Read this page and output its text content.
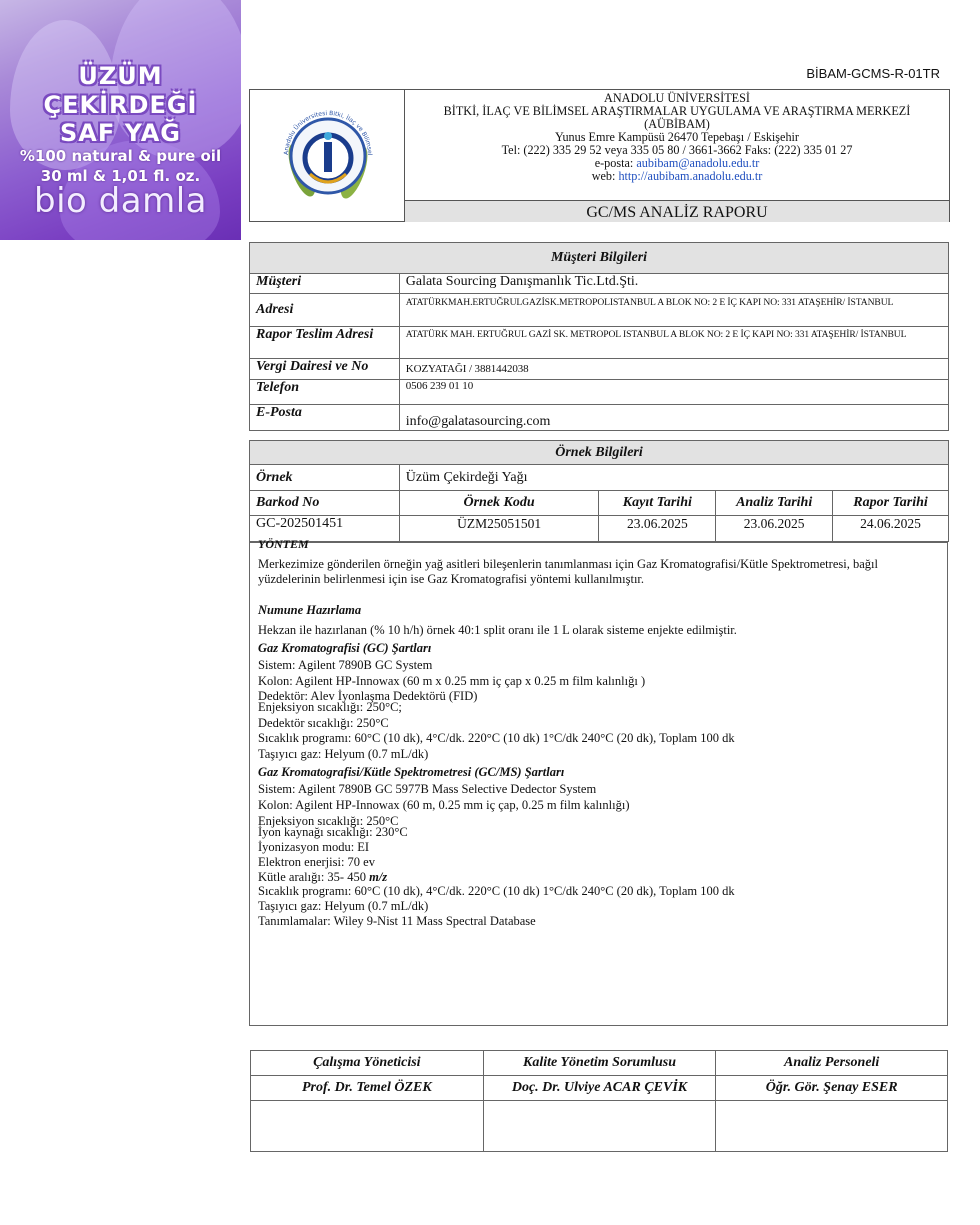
ÜZÜM
ÇEKİRDEĞİ
SAF YAĞ
%100 natural & pure oil
30 ml & 1,01 fl. oz.
bio damla
BİBAM-GCMS-R-01TR
Anadolu Üniversitesi Bitki, İlaç ve Bilimsel
ANADOLU ÜNİVERSİTESİ
BİTKİ, İLAÇ VE BİLİMSEL ARAŞTIRMALAR UYGULAMA VE ARAŞTIRMA MERKEZİ
(AÜBİBAM)
Yunus Emre Kampüsü 26470 Tepebaşı / Eskişehir
Tel: (222) 335 29 52 veya 335 05 80 / 3661-3662 Faks: (222) 335 01 27
e-posta: aubibam@anadolu.edu.tr
web: http://aubibam.anadolu.edu.tr
GC/MS ANALİZ RAPORU
Müşteri Bilgileri	
Müşteri	Galata Sourcing Danışmanlık Tic.Ltd.Şti.
Adresi	ATATÜRKMAH.ERTUĞRULGAZİSK.METROPOLISTANBUL A BLOK NO: 2 E İÇ KAPI NO: 331 ATAŞEHİR/ İSTANBUL
Rapor Teslim Adresi	ATATÜRK MAH. ERTUĞRUL GAZİ SK. METROPOL ISTANBUL A BLOK NO: 2 E İÇ KAPI NO: 331 ATAŞEHİR/ İSTANBUL
Vergi Dairesi ve No	KOZYATAĞI / 3881442038
Telefon	0506 239 01 10
E-Posta	info@galatasourcing.com
Örnek Bilgileri				
Örnek	Üzüm Çekirdeği Yağı			
Barkod No	Örnek Kodu	Kayıt Tarihi	Analiz Tarihi	Rapor Tarihi
GC-202501451	ÜZM25051501	23.06.2025	23.06.2025	24.06.2025
YÖNTEM
Merkezimize gönderilen örneğin yağ asitleri bileşenlerin tanımlanması için Gaz Kromatografisi/Kütle Spektrometresi, bağıl
yüzdelerinin belirlenmesi için ise Gaz Kromatografisi yöntemi kullanılmıştır.
Numune Hazırlama
Hekzan ile hazırlanan (% 10 h/h) örnek 40:1 split oranı ile 1 L olarak sisteme enjekte edilmiştir.
Gaz Kromatografisi (GC) Şartları
Sistem: Agilent 7890B GC System
Kolon: Agilent HP-Innowax (60 m x 0.25 mm iç çap x 0.25 m film kalınlığı )
Dedektör: Alev İyonlaşma Dedektörü (FID)
Enjeksiyon sıcaklığı: 250°C;
Dedektör sıcaklığı: 250°C
Sıcaklık programı: 60°C (10 dk), 4°C/dk. 220°C (10 dk) 1°C/dk 240°C (20 dk), Toplam 100 dk
Taşıyıcı gaz: Helyum (0.7 mL/dk)
Gaz Kromatografisi/Kütle Spektrometresi (GC/MS) Şartları
Sistem: Agilent 7890B GC 5977B Mass Selective Dedector System
Kolon: Agilent HP-Innowax (60 m, 0.25 mm iç çap, 0.25 m film kalınlığı)
Enjeksiyon sıcaklığı: 250°C
İyon kaynağı sıcaklığı: 230°C
İyonizasyon modu: EI
Elektron enerjisi: 70 ev
Kütle aralığı: 35- 450 m/z
Sıcaklık programı: 60°C (10 dk), 4°C/dk. 220°C (10 dk) 1°C/dk 240°C (20 dk), Toplam 100 dk
Taşıyıcı gaz: Helyum (0.7 mL/dk)
Tanımlamalar: Wiley 9-Nist 11 Mass Spectral Database
Çalışma Yöneticisi	Kalite Yönetim Sorumlusu	Analiz Personeli
Prof. Dr. Temel ÖZEK	Doç. Dr. Ulviye ACAR ÇEVİK	Öğr. Gör. Şenay ESER
